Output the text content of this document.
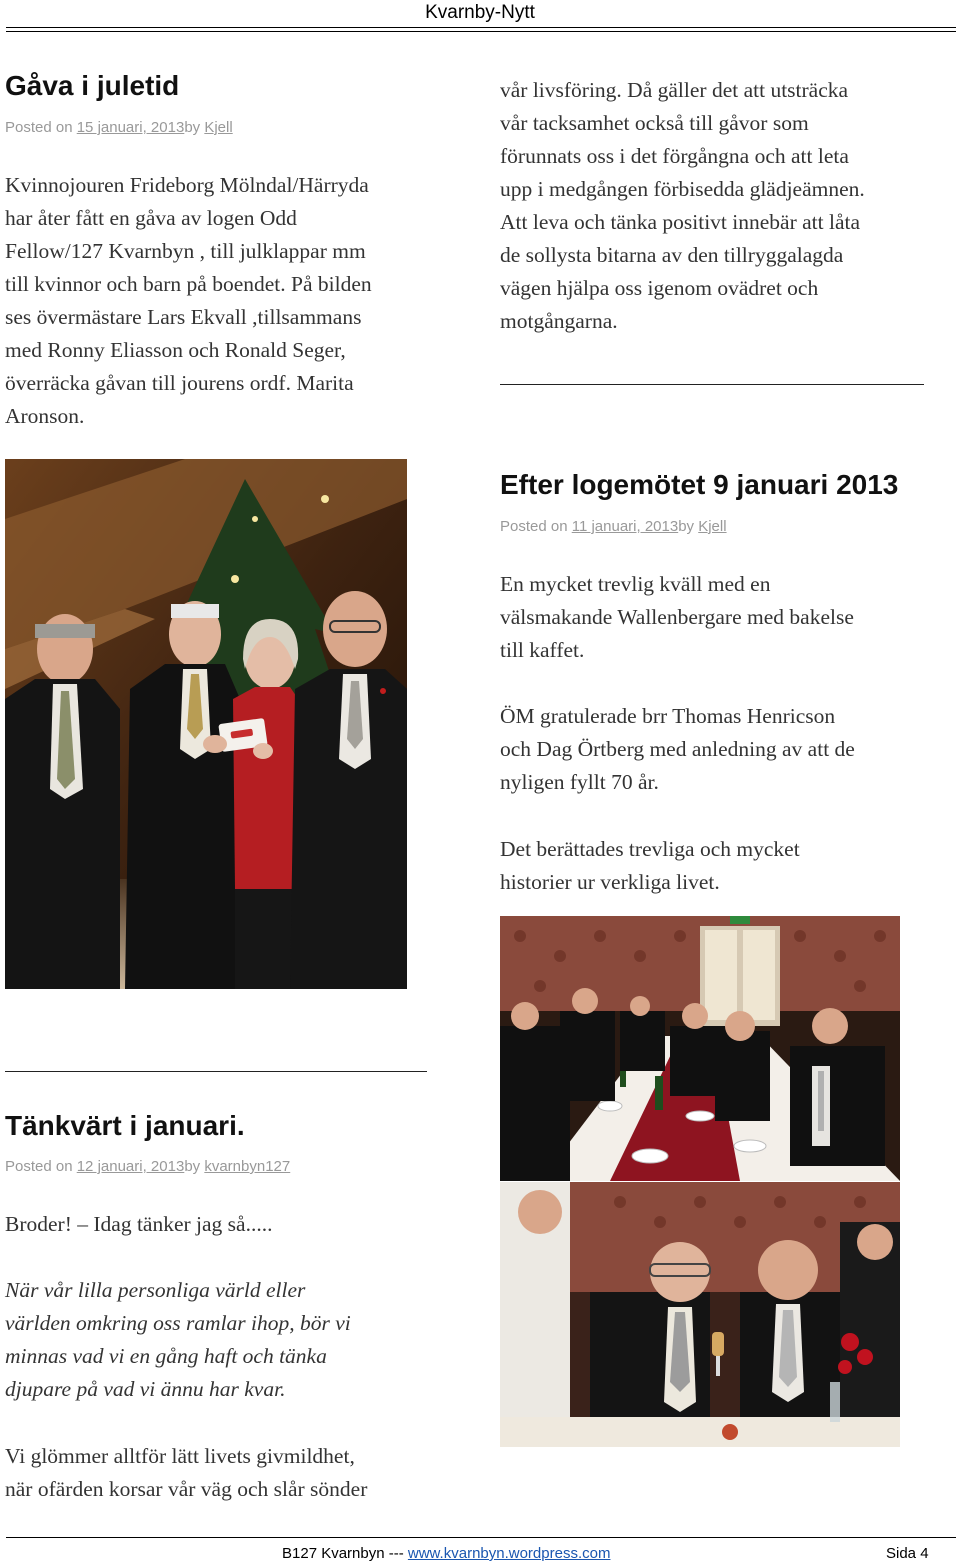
Kvarnby-Nytt
Gåva i juletid
Posted on 15 januari, 2013by Kjell
Kvinnojouren Frideborg Mölndal/Härryda
har åter fått en gåva av logen Odd
Fellow/127 Kvarnbyn , till julklappar mm
till kvinnor och barn på boendet. På bilden
ses övermästare Lars Ekvall ,tillsammans
med Ronny Eliasson och Ronald Seger,
överräcka gåvan till jourens ordf. Marita
Aronson.
Tänkvärt i januari.
Posted on 12 januari, 2013by kvarnbyn127
Broder! – Idag tänker jag så.....
När vår lilla personliga värld eller
världen omkring oss ramlar ihop, bör vi
minnas vad vi en gång haft och tänka
djupare på vad vi ännu har kvar.
Vi glömmer alltför lätt livets givmildhet,
när ofärden korsar vår väg och slår sönder
vår livsföring. Då gäller det att utsträcka
vår tacksamhet också till gåvor som
förunnats oss i det förgångna och att leta
upp i medgången förbisedda glädjeämnen.
Att leva och tänka positivt innebär att låta
de sollysta bitarna av den tillryggalagda
vägen hjälpa oss igenom ovädret och
motgångarna.
Efter logemötet 9 januari 2013
Posted on 11 januari, 2013by Kjell
En mycket trevlig kväll med en
välsmakande Wallenbergare med bakelse
till kaffet.
ÖM gratulerade brr Thomas Henricson
och Dag Örtberg med anledning av att de
nyligen fyllt 70 år.
Det berättades trevliga och mycket
historier ur verkliga livet.
B127 Kvarnbyn --- www.kvarnbyn.wordpress.com	Sida 4
